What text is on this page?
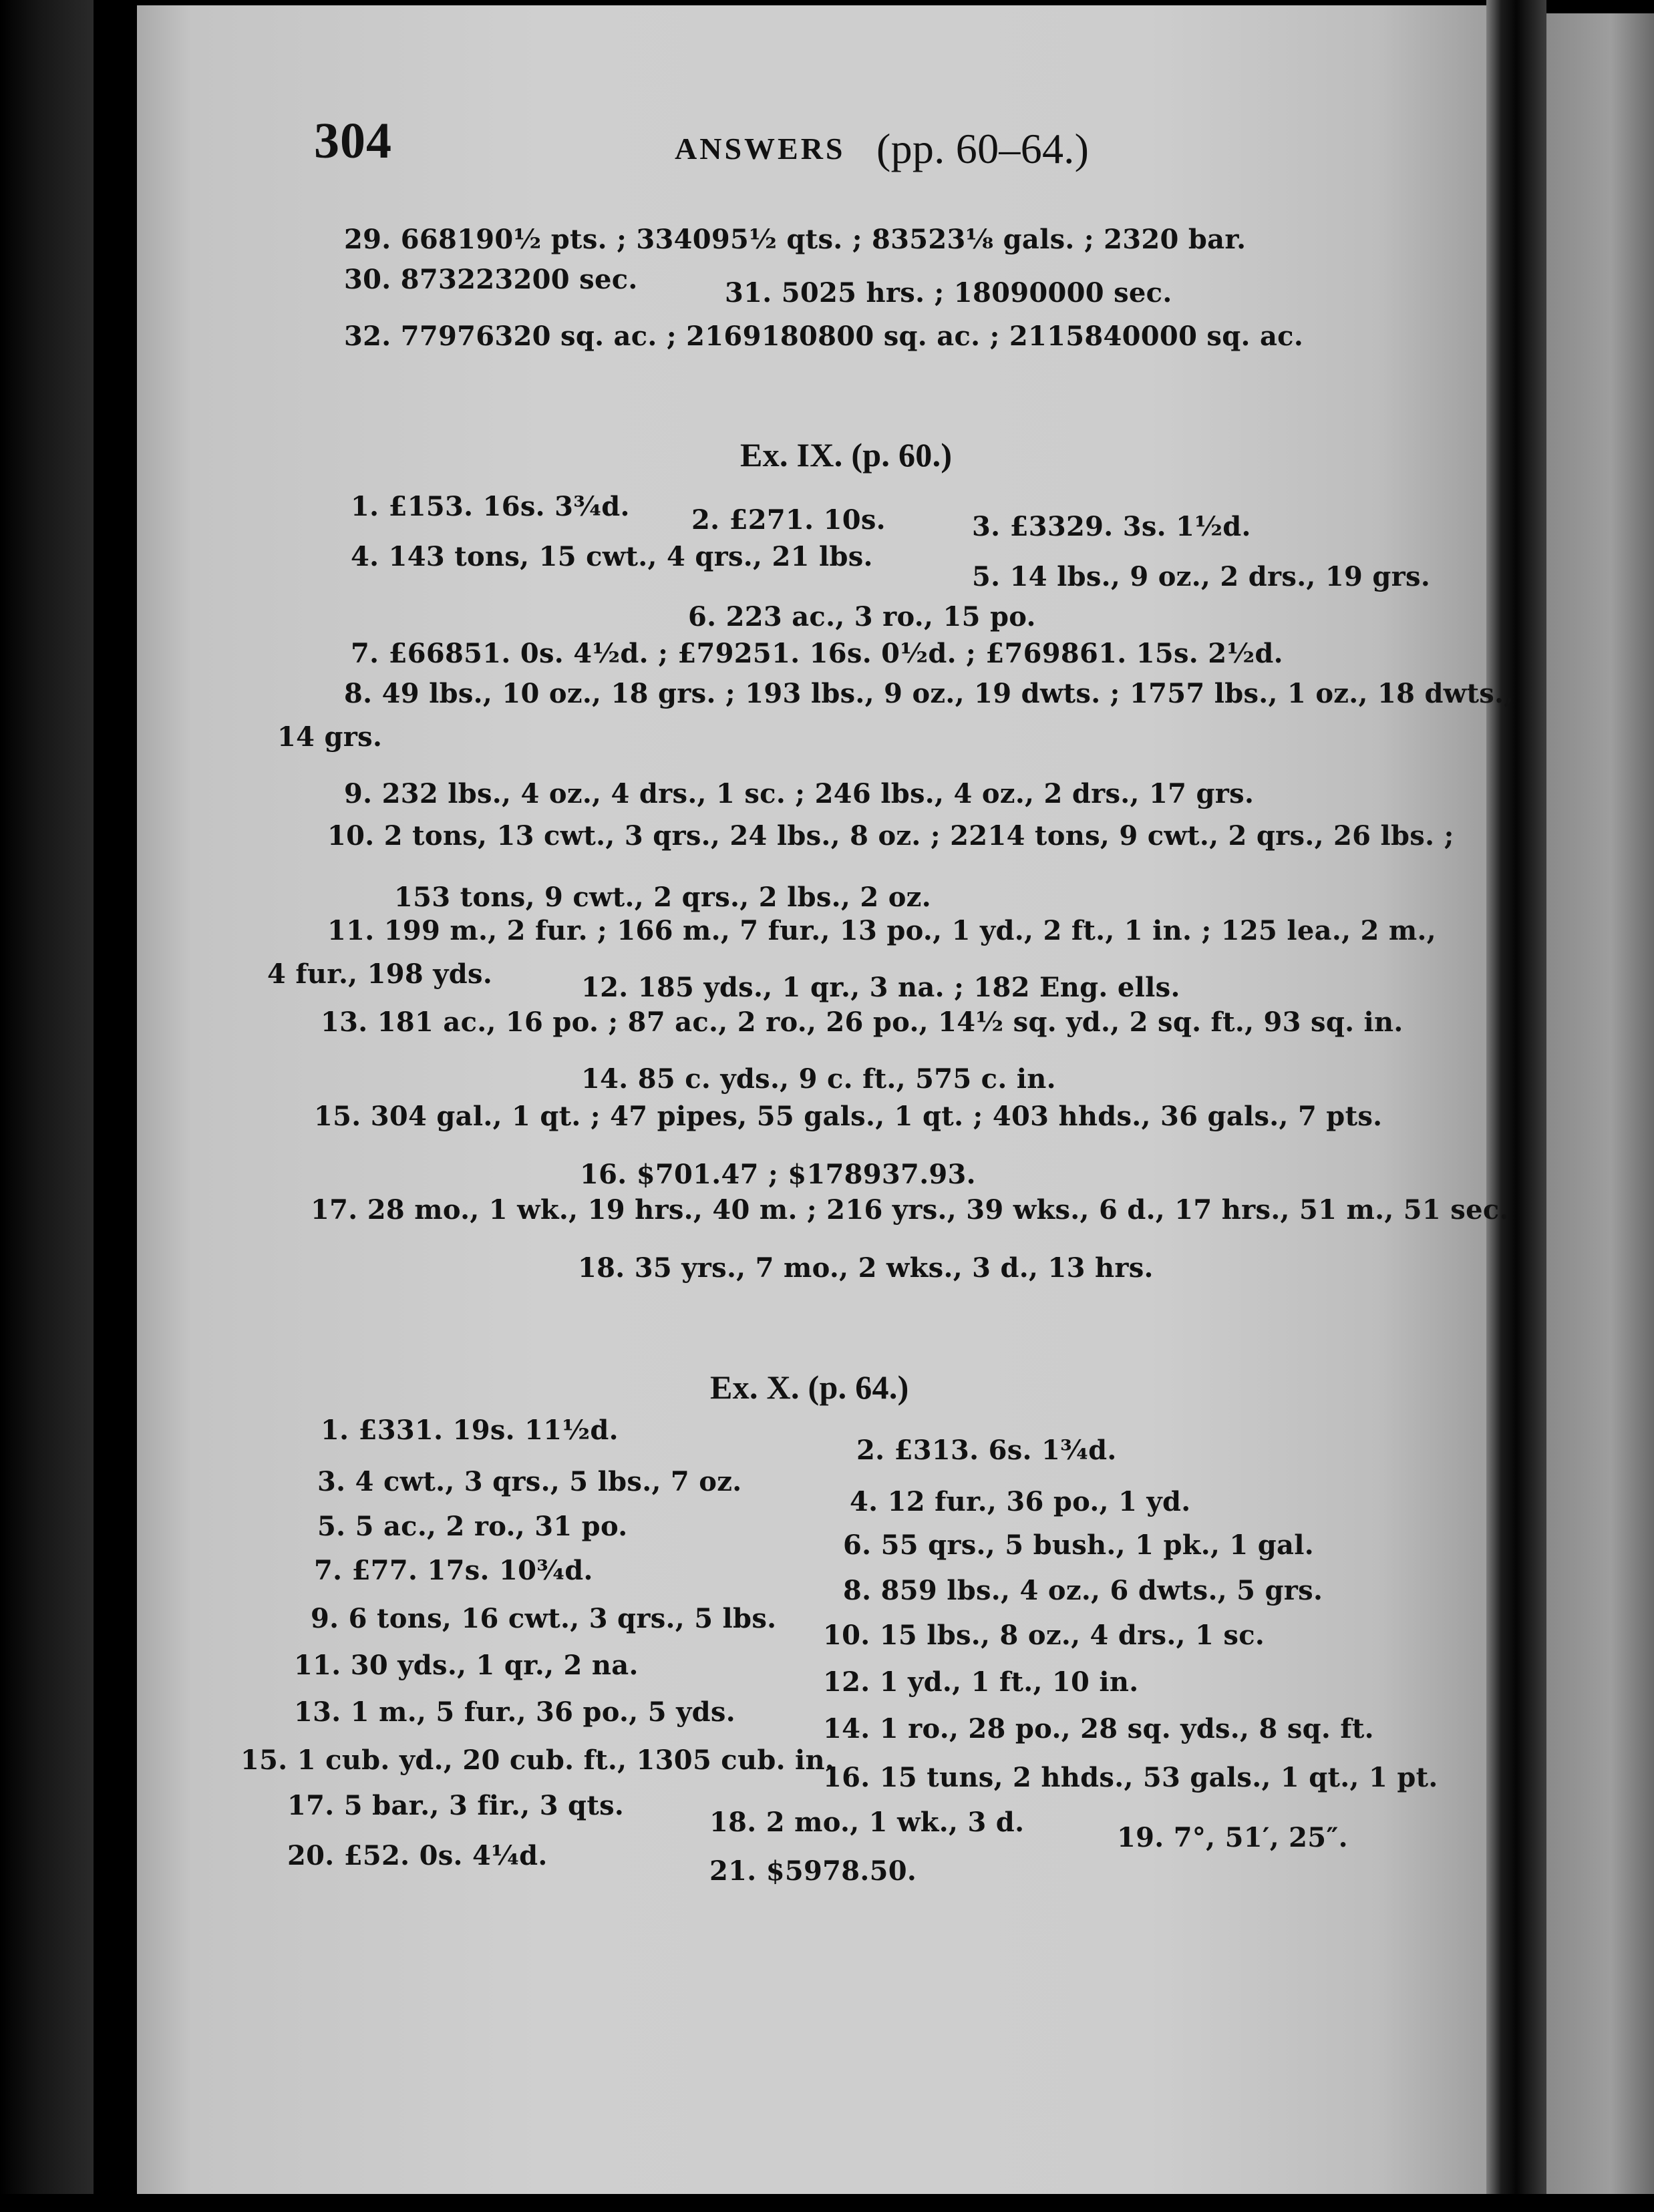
304	ANSWERS (pp. 60–64.)
29. 668190½ pts. ; 334095½ qts. ; 83523⅛ gals. ; 2320 bar.
30. 873223200 sec.	31. 5025 hrs. ; 18090000 sec.
32. 77976320 sq. ac. ; 2169180800 sq. ac. ; 2115840000 sq. ac.
Ex. IX. (p. 60.)
1. £153. 16s. 3¾d. 2. £271. 10s.	3. £3329. 3s. 1½d.
4. 143 tons, 15 cwt., 4 qrs., 21 lbs.
5. 14 lbs., 9 oz., 2 drs., 19 grs.
6. 223 ac., 3 ro., 15 po.
7. £66851. 0s. 4½d. ; £79251. 16s. 0½d. ; £769861. 15s. 2½d.
8. 49 lbs., 10 oz., 18 grs. ; 193 lbs., 9 oz., 19 dwts. ; 1757 lbs., 1 oz., 18 dwts.,
14 grs.
9. 232 lbs., 4 oz., 4 drs., 1 sc. ; 246 lbs., 4 oz., 2 drs., 17 grs.
10. 2 tons, 13 cwt., 3 qrs., 24 lbs., 8 oz. ; 2214 tons, 9 cwt., 2 qrs., 26 lbs. ;
153 tons, 9 cwt., 2 qrs., 2 lbs., 2 oz.
11. 199 m., 2 fur. ; 166 m., 7 fur., 13 po., 1 yd., 2 ft., 1 in. ; 125 lea., 2 m.,
4 fur., 198 yds.	12. 185 yds., 1 qr., 3 na. ; 182 Eng. ells.
13. 181 ac., 16 po. ; 87 ac., 2 ro., 26 po., 14½ sq. yd., 2 sq. ft., 93 sq. in.
14. 85 c. yds., 9 c. ft., 575 c. in.
15. 304 gal., 1 qt. ; 47 pipes, 55 gals., 1 qt. ; 403 hhds., 36 gals., 7 pts.
16. $701.47 ; $178937.93.
17. 28 mo., 1 wk., 19 hrs., 40 m. ; 216 yrs., 39 wks., 6 d., 17 hrs., 51 m., 51 sec.
18. 35 yrs., 7 mo., 2 wks., 3 d., 13 hrs.
Ex. X. (p. 64.)
1. £331. 19s. 11½d.
2. £313. 6s. 1¾d.
3. 4 cwt., 3 qrs., 5 lbs., 7 oz.
4. 12 fur., 36 po., 1 yd.
5. 5 ac., 2 ro., 31 po.
6. 55 qrs., 5 bush., 1 pk., 1 gal.
7. £77. 17s. 10¾d.
8. 859 lbs., 4 oz., 6 dwts., 5 grs.
9. 6 tons, 16 cwt., 3 qrs., 5 lbs.
10. 15 lbs., 8 oz., 4 drs., 1 sc.
11. 30 yds., 1 qr., 2 na.
12. 1 yd., 1 ft., 10 in.
13. 1 m., 5 fur., 36 po., 5 yds.
14. 1 ro., 28 po., 28 sq. yds., 8 sq. ft.
15. 1 cub. yd., 20 cub. ft., 1305 cub. in.
16. 15 tuns, 2 hhds., 53 gals., 1 qt., 1 pt.
17. 5 bar., 3 fir., 3 qts.
18. 2 mo., 1 wk., 3 d.	19. 7°, 51′, 25″.
20. £52. 0s. 4¼d.	21. $5978.50.
